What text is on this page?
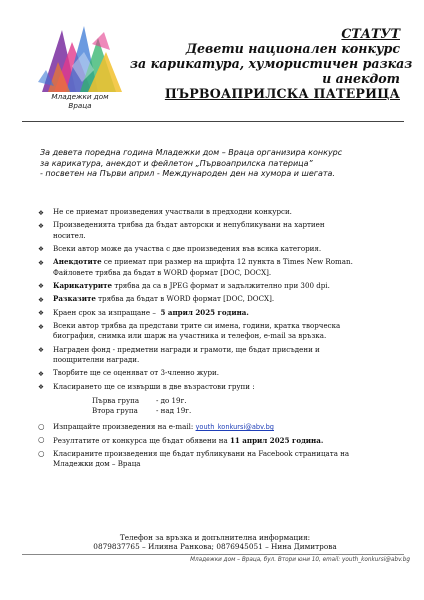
Младежки дом
Враца
СТАТУТ
Девети национален конкурс
за карикатура, хумористичен разказ
и анекдот
ПЪРВОАПРИЛСКА ПАТЕРИЦА
За девета поредна година Младежки дом – Враца организира конкурс
за карикатура, анекдот и фейлетон „Първоаприлска патерица”
- посветен на Първи април - Международен ден на хумора и шегата.
❖ Не се приемат произведения участвали в предходни конкурси.
❖ Произведенията трябва да бъдат авторски и непубликувани на хартиен
носител.
❖ Всеки автор може да участва с две произведения във всяка категория.
❖ Анекдотите се приемат при размер на шрифта 12 пункта в Times New Roman.
Файловете трябва да бъдат в WORD формат [DOC, DOCX].
❖ Карикатурите трябва да са в JPEG формат и задължително при 300 dpi.
❖ Разказите трябва да бъдат в WORD формат [DOC, DOCX].
❖ Краен срок за изпращане – 5 април 2025 година.
❖ Всеки автор трябва да представи трите си имена, години, кратка творческа
биография, снимка или шарж на участника и телефон, e-mail за връзка.
❖ Награден фонд - предметни награди и грамоти, ще бъдат присъдени и
поощрителни награди.
❖ Творбите ще се оценяват от 3-членно жури.
❖ Класирането ще се извърши в две възрастови групи :
Първа група - до 19г.
Втора група	- над 19г.
○ Изпращайте произведения на e-mail: youth_konkursi@abv.bg
○ Резултатите от конкурса ще бъдат обявени на 11 април 2025 година.
○ Класираните произведения ще бъдат публикувани на Facebook страницата на
Младежки дом – Враца
Телефон за връзка и допълнителна информация:
0879837765 – Илияна Ранкова; 0876945051 – Нина Димитрова
Младежки дом – Враца, бул. Втори юни 10, email: youth_konkursi@abv.bg
